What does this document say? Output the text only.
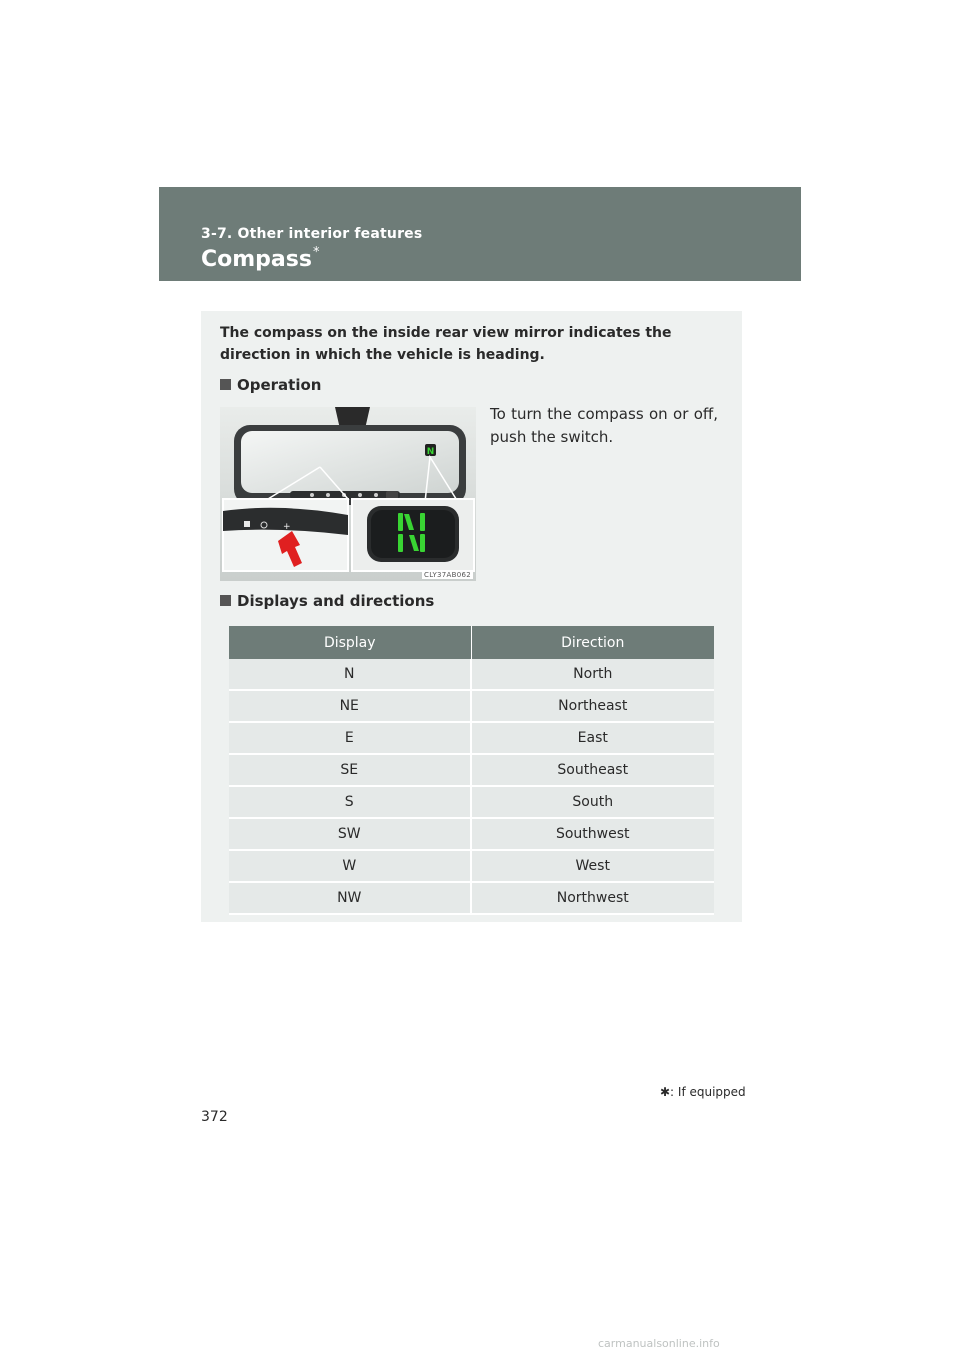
3-7. Other interior features
Compass*
The compass on the inside rear view mirror indicates the direction in which the vehicle is heading.
Operation
To turn the compass on or off, push the switch.
N
+
CLY37AB062
Displays and directions
Display	Direction
N	North
NE	Northeast
E	East
SE	Southeast
S	South
SW	Southwest
W	West
NW	Northwest
✱: If equipped
372
carmanualsonline.info
